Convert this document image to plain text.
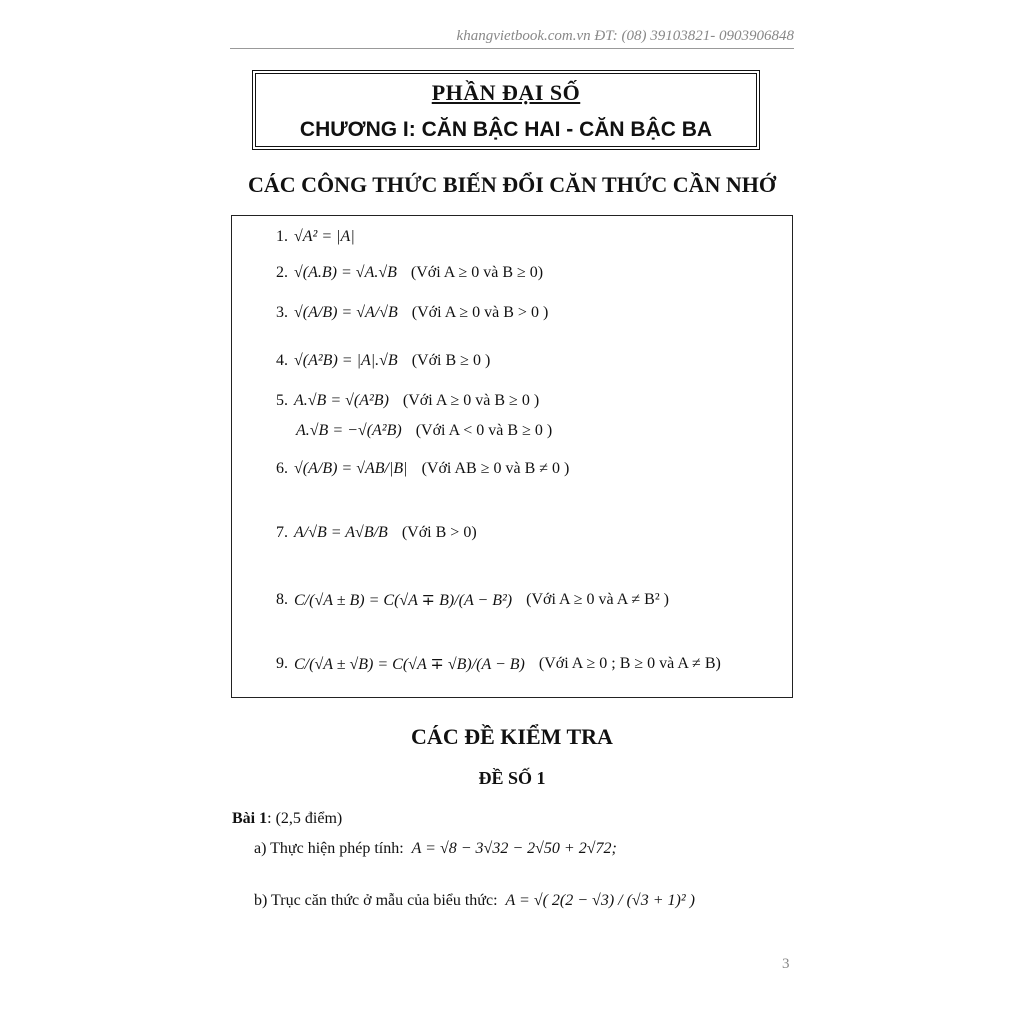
khangvietbook.com.vn ĐT: (08) 39103821- 0903906848
PHẦN ĐẠI SỐ
CHƯƠNG I: CĂN BẬC HAI - CĂN BẬC BA
CÁC CÔNG THỨC BIẾN ĐỔI CĂN THỨC CẦN NHỚ
1. √A² = |A|
2. √(A.B) = √A.√B (Với A ≥ 0 và B ≥ 0)
3. √(A/B) = √A/√B (Với A ≥ 0 và B > 0 )
4. √(A²B) = |A|.√B (Với B ≥ 0 )
5. A.√B = √(A²B) (Với A ≥ 0 và B ≥ 0 )
A.√B = −√(A²B) (Với A < 0 và B ≥ 0 )
6. √(A/B) = √AB/|B| (Với AB ≥ 0 và B ≠ 0 )
7. A/√B = A√B/B (Với B > 0)
8. C/(√A ± B) = C(√A ∓ B)/(A − B²) (Với A ≥ 0 và A ≠ B² )
9. C/(√A ± √B) = C(√A ∓ √B)/(A − B) (Với A ≥ 0 ; B ≥ 0 và A ≠ B)
CÁC ĐỀ KIỂM TRA
ĐỀ SỐ 1
Bài 1 : (2,5 điểm)
a) Thực hiện phép tính: A = √8 − 3√32 − 2√50 + 2√72;
b) Trục căn thức ở mẫu của biểu thức: A = √( 2(2 − √3) / (√3 + 1)² )
3
